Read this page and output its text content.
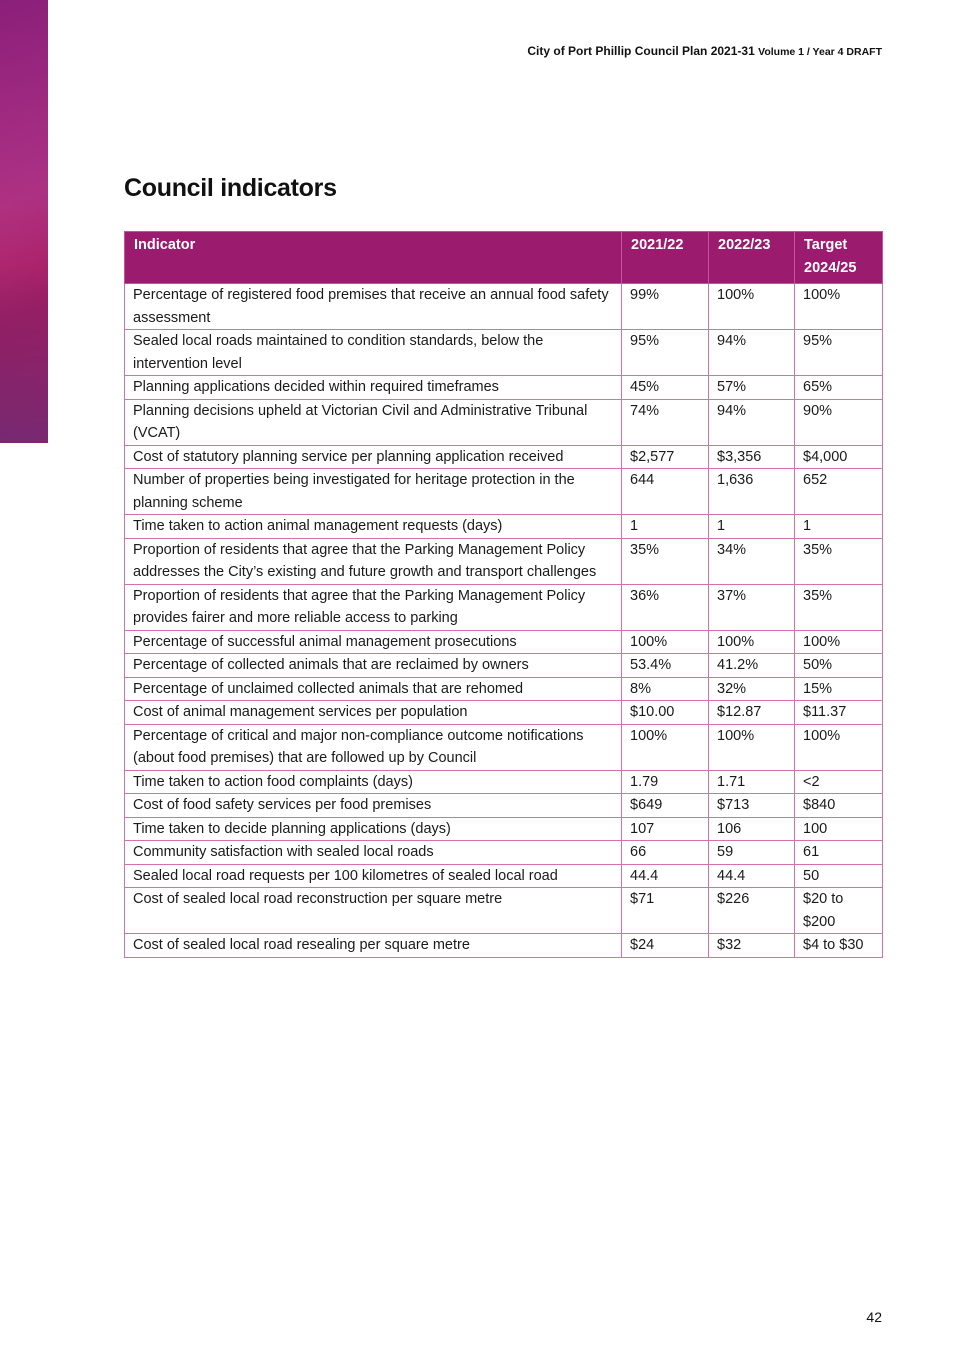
City of Port Phillip Council Plan 2021-31 Volume 1 / Year 4 DRAFT
Council indicators
Indicator	2021/22	2022/23	Target 2024/25
Percentage of registered food premises that receive an annual food safety assessment	99%	100%	100%
Sealed local roads maintained to condition standards, below the intervention level	95%	94%	95%
Planning applications decided within required timeframes	45%	57%	65%
Planning decisions upheld at Victorian Civil and Administrative Tribunal (VCAT)	74%	94%	90%
Cost of statutory planning service per planning application received	$2,577	$3,356	$4,000
Number of properties being investigated for heritage protection in the planning scheme	644	1,636	652
Time taken to action animal management requests (days)	1	1	1
Proportion of residents that agree that the Parking Management Policy addresses the City’s existing and future growth and transport challenges	35%	34%	35%
Proportion of residents that agree that the Parking Management Policy provides fairer and more reliable access to parking	36%	37%	35%
Percentage of successful animal management prosecutions	100%	100%	100%
Percentage of collected animals that are reclaimed by owners	53.4%	41.2%	50%
Percentage of unclaimed collected animals that are rehomed	8%	32%	15%
Cost of animal management services per population	$10.00	$12.87	$11.37
Percentage of critical and major non-compliance outcome notifications (about food premises) that are followed up by Council	100%	100%	100%
Time taken to action food complaints (days)	1.79	1.71	<2
Cost of food safety services per food premises	$649	$713	$840
Time taken to decide planning applications (days)	107	106	100
Community satisfaction with sealed local roads	66	59	61
Sealed local road requests per 100 kilometres of sealed local road	44.4	44.4	50
Cost of sealed local road reconstruction per square metre	$71	$226	$20 to $200
Cost of sealed local road resealing per square metre	$24	$32	$4 to $30
42
